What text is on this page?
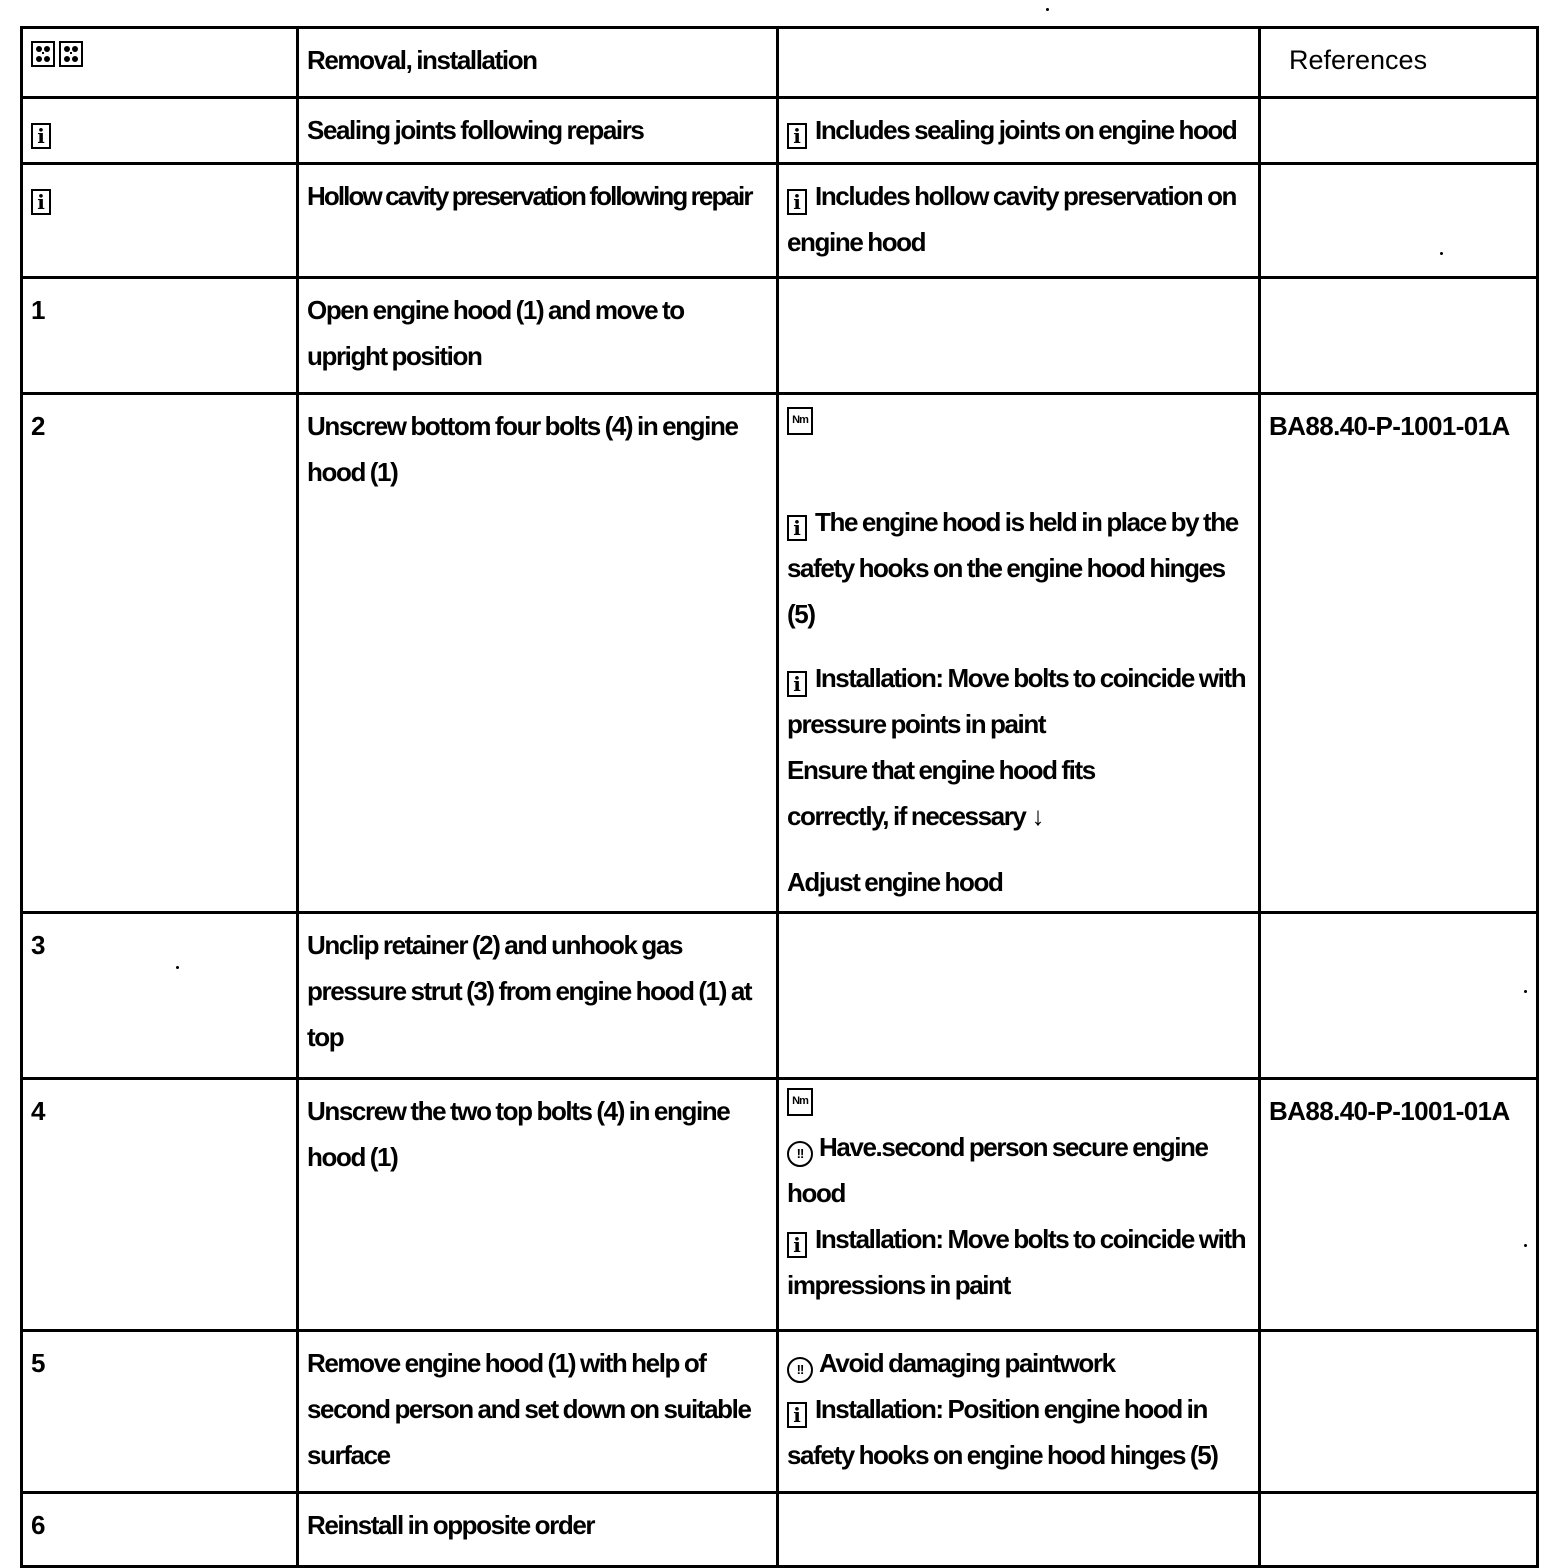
	Removal, installation		References
i	Sealing joints following repairs	i Includes sealing joints on engine hood	
i	Hollow cavity preservation following repair	i Includes hollow cavity preservation on engine hood	
1	Open engine hood (1) and move to upright position		
2	Unscrew bottom four bolts (4) in engine hood (1)	Nm
i The engine hood is held in place by the safety hooks on the engine hood hinges (5)
i Installation: Move bolts to coincide with pressure points in paint
Ensure that engine hood fits correctly, if necessary ↓
Adjust engine hood	BA88.40-P-1001-01A
3	Unclip retainer (2) and unhook gas pressure strut (3) from engine hood (1) at top		
4	Unscrew the two top bolts (4) in engine hood (1)	Nm
!! Have.second person secure engine hood
i Installation: Move bolts to coincide with impressions in paint	BA88.40-P-1001-01A
5	Remove engine hood (1) with help of second person and set down on suitable surface	!! Avoid damaging paintwork
i Installation: Position engine hood in safety hooks on engine hood hinges (5)	

6	Reinstall in opposite order		
